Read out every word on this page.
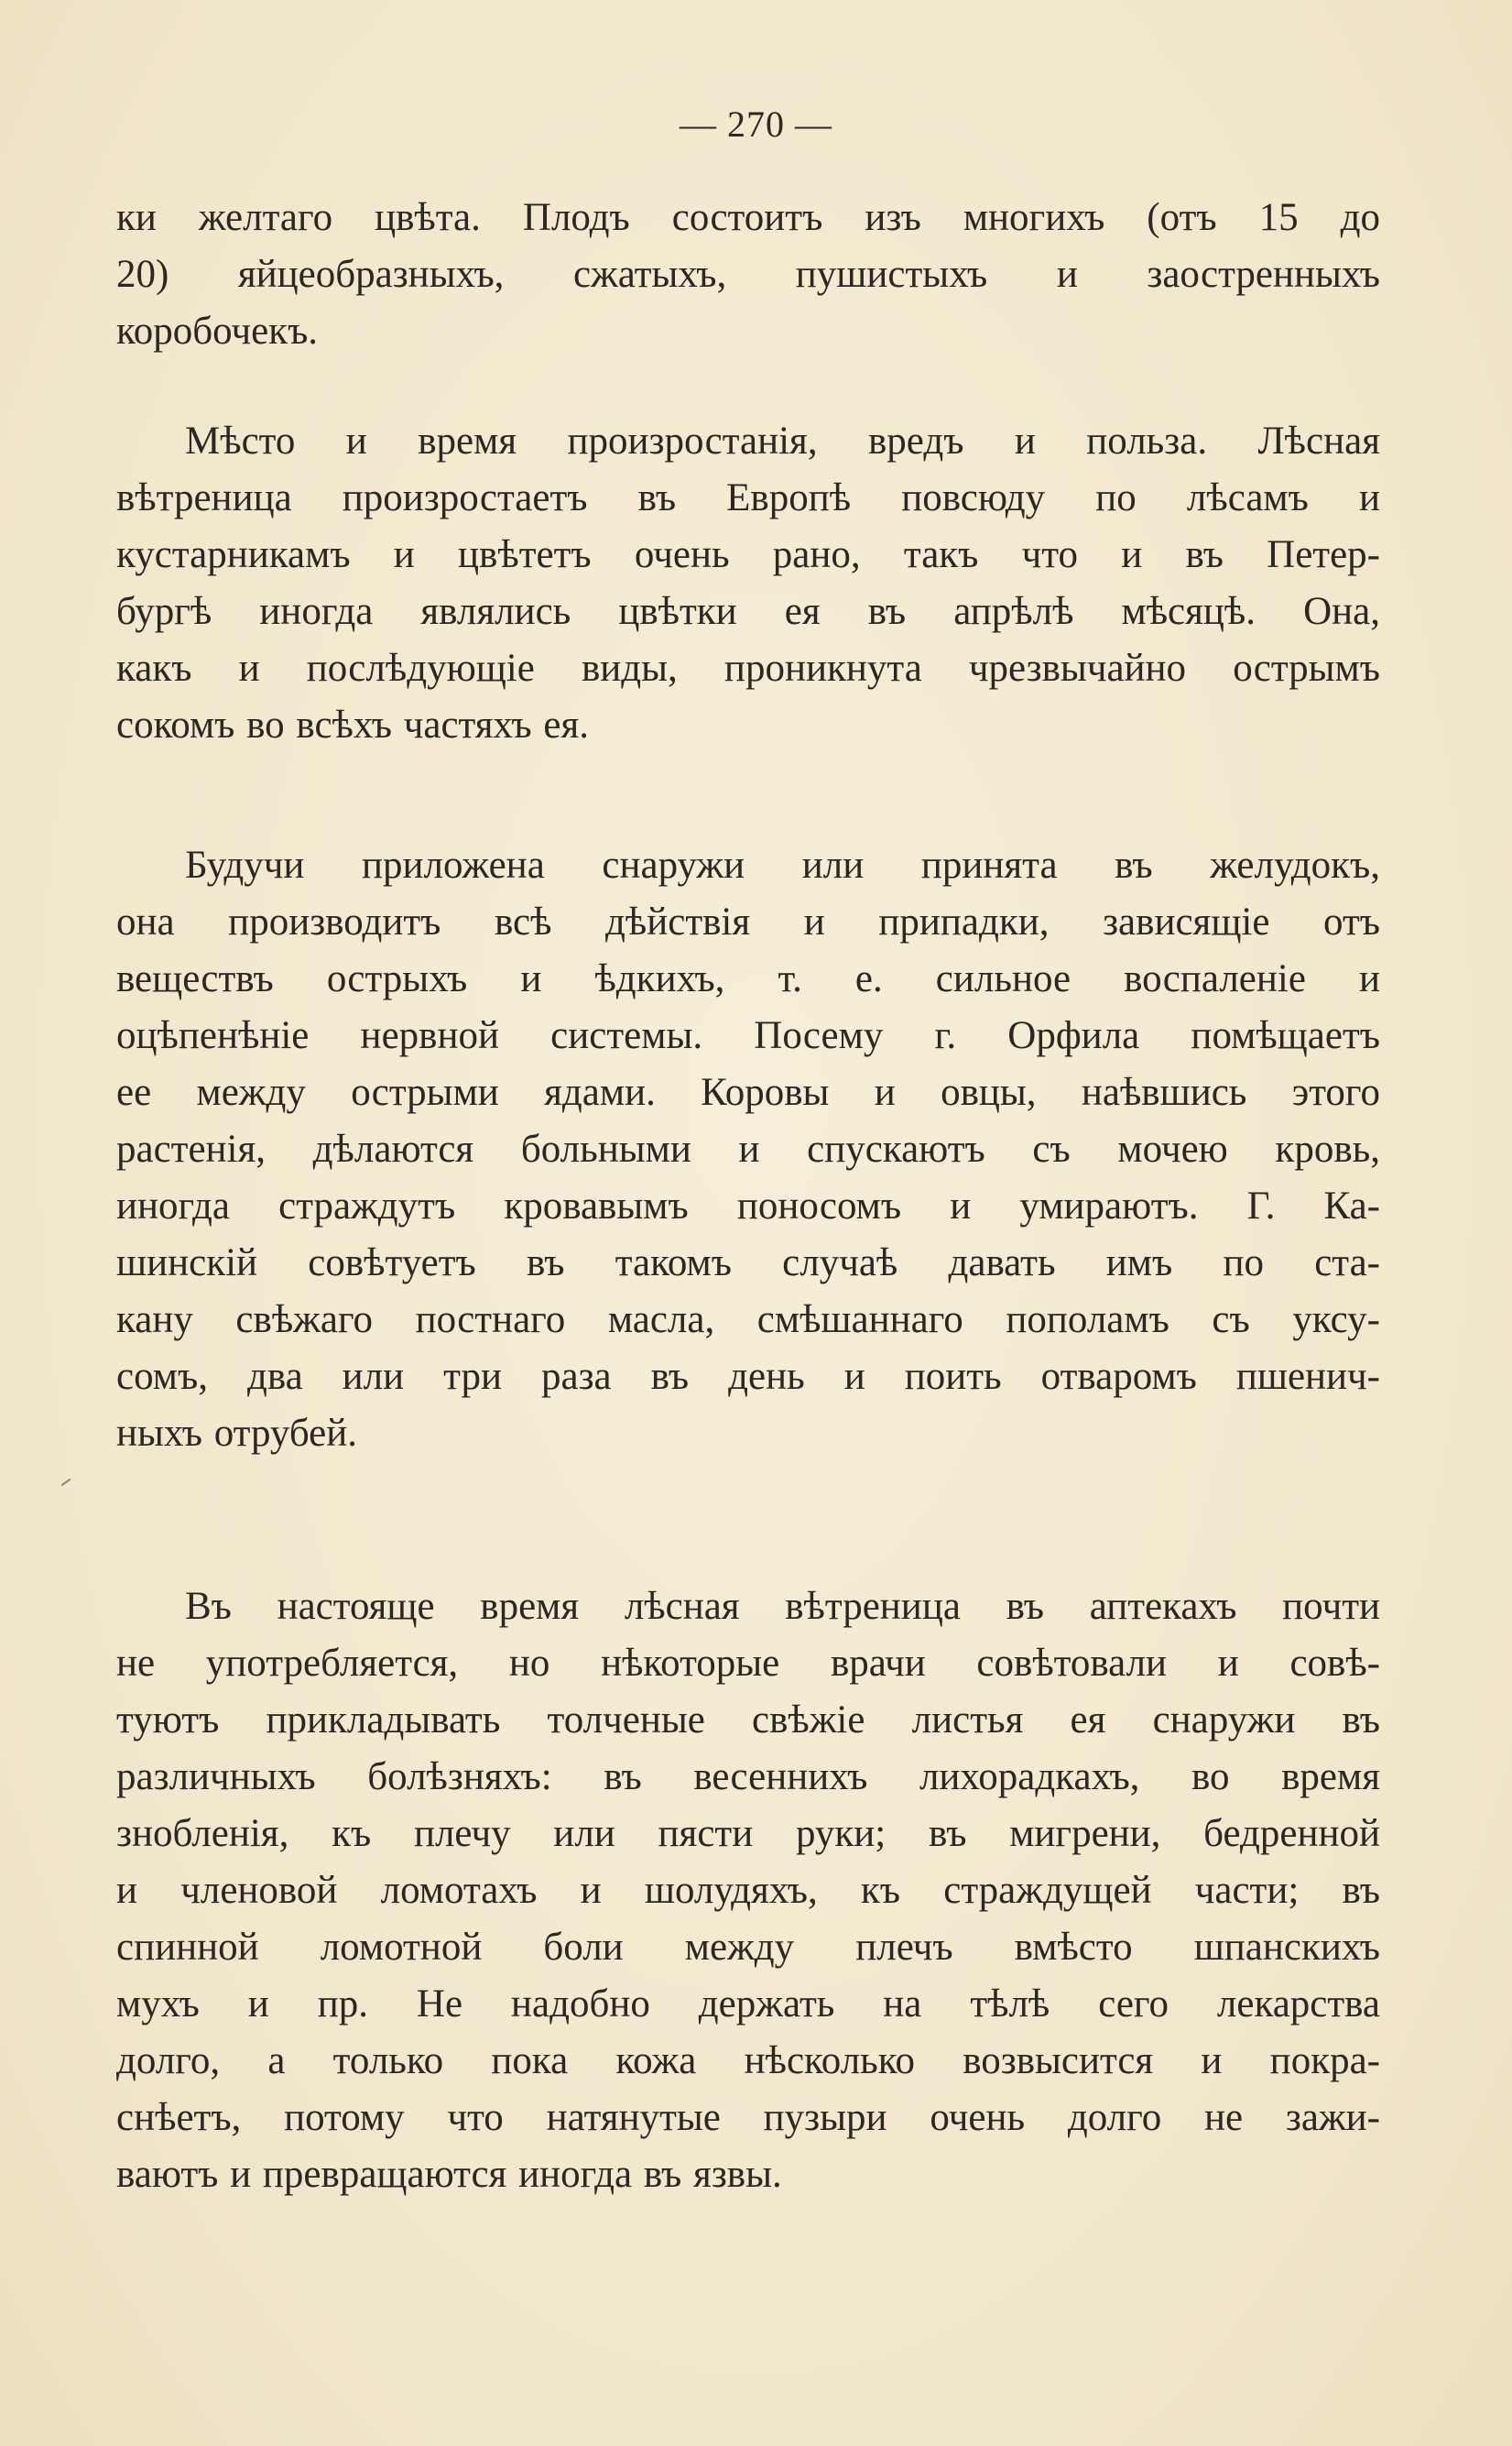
— 270 —
ки желтаго цвѣта. Плодъ состоитъ изъ многихъ (отъ 15 до
20) яйцеобразныхъ, сжатыхъ, пушистыхъ и заостренныхъ
коробочекъ.
Мѣсто и время произростанія, вредъ и польза. Лѣсная
вѣтреница произростаетъ въ Европѣ повсюду по лѣсамъ и
кустарникамъ и цвѣтетъ очень рано, такъ что и въ Петер-
бургѣ иногда являлись цвѣтки ея въ апрѣлѣ мѣсяцѣ. Она,
какъ и послѣдующіе виды, проникнута чрезвычайно острымъ
сокомъ во всѣхъ частяхъ ея.
Будучи приложена снаружи или принята въ желудокъ,
она производитъ всѣ дѣйствія и припадки, зависящіе отъ
веществъ острыхъ и ѣдкихъ, т. е. сильное воспаленіе и
оцѣпенѣніе нервной системы. Посему г. Орфила помѣщаетъ
ее между острыми ядами. Коровы и овцы, наѣвшись этого
растенія, дѣлаются больными и спускаютъ съ мочею кровь,
иногда страждутъ кровавымъ поносомъ и умираютъ. Г. Ка-
шинскій совѣтуетъ въ такомъ случаѣ давать имъ по ста-
кану свѣжаго постнаго масла, смѣшаннаго пополамъ съ уксу-
сомъ, два или три раза въ день и поить отваромъ пшенич-
ныхъ отрубей.
Въ настояще время лѣсная вѣтреница въ аптекахъ почти
не употребляется, но нѣкоторые врачи совѣтовали и совѣ-
туютъ прикладывать толченые свѣжіе листья ея снаружи въ
различныхъ болѣзняхъ: въ весеннихъ лихорадкахъ, во время
знобленія, къ плечу или пясти руки; въ мигрени, бедренной
и членовой ломотахъ и шолудяхъ, къ страждущей части; въ
спинной ломотной боли между плечъ вмѣсто шпанскихъ
мухъ и пр. Не надобно держать на тѣлѣ сего лекарства
долго, а только пока кожа нѣсколько возвысится и покра-
снѣетъ, потому что натянутые пузыри очень долго не зажи-
ваютъ и превращаются иногда въ язвы.
